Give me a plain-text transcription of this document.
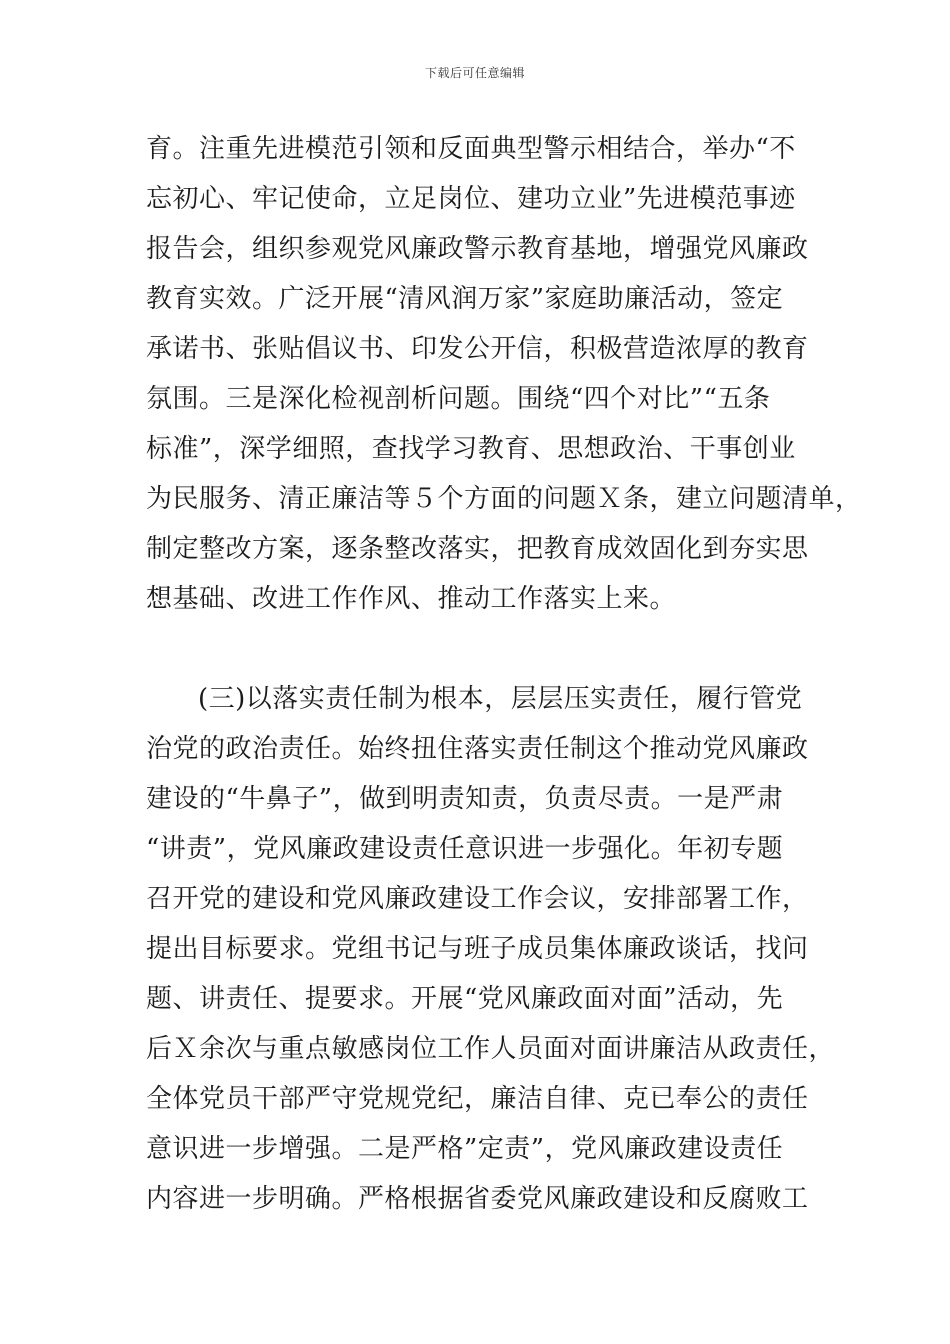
下载后可任意编辑
育。注重先进模范引领和反面典型警示相结合，举办“不
忘初心、牢记使命，立足岗位、建功立业”先进模范事迹
报告会，组织参观党风廉政警示教育基地，增强党风廉政
教育实效。广泛开展“清风润万家”家庭助廉活动，签定
承诺书、张贴倡议书、印发公开信，积极营造浓厚的教育
氛围。三是深化检视剖析问题。围绕“四个对比”“五条
标准”，深学细照，查找学习教育、思想政治、干事创业
为民服务、清正廉洁等５个方面的问题Ｘ条，建立问题清单，
制定整改方案，逐条整改落实，把教育成效固化到夯实思
想基础、改进工作作风、推动工作落实上来。
(三)以落实责任制为根本，层层压实责任，履行管党
治党的政治责任。始终扭住落实责任制这个推动党风廉政
建设的“牛鼻子”，做到明责知责，负责尽责。一是严肃
“讲责”，党风廉政建设责任意识进一步强化。年初专题
召开党的建设和党风廉政建设工作会议，安排部署工作，
提出目标要求。党组书记与班子成员集体廉政谈话，找问
题、讲责任、提要求。开展“党风廉政面对面”活动，先
后Ｘ余次与重点敏感岗位工作人员面对面讲廉洁从政责任，
全体党员干部严守党规党纪，廉洁自律、克已奉公的责任
意识进一步增强。二是严格”定责”，党风廉政建设责任
内容进一步明确。严格根据省委党风廉政建设和反腐败工
